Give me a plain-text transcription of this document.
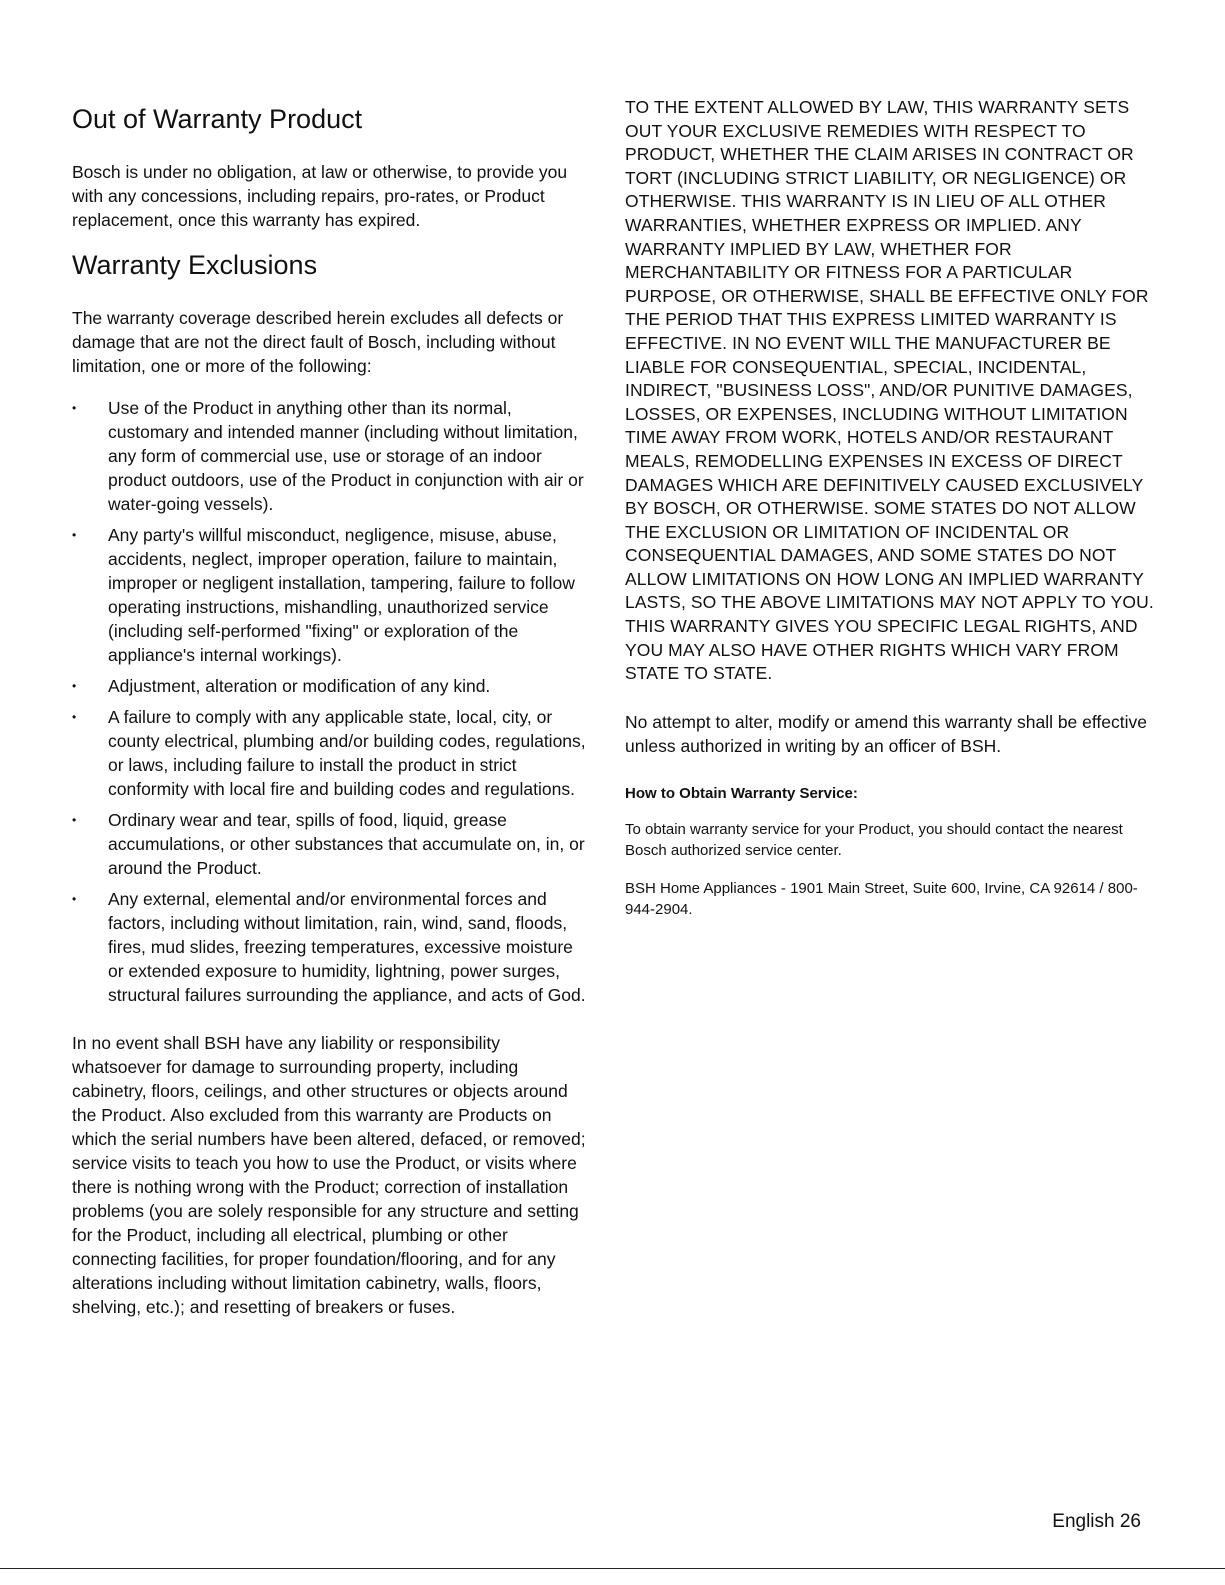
Out of Warranty Product

Bosch is under no obligation, at law or otherwise, to provide you with any concessions, including repairs, pro-rates, or Product replacement, once this warranty has expired.

Warranty Exclusions

The warranty coverage described herein excludes all defects or damage that are not the direct fault of Bosch, including without limitation, one or more of the following:

•	Use of the Product in anything other than its normal, customary and intended manner (including without limitation, any form of commercial use, use or storage of an indoor product outdoors, use of the Product in conjunction with air or water-going vessels).
•	Any party's willful misconduct, negligence, misuse, abuse, accidents, neglect, improper operation, failure to maintain, improper or negligent installation, tampering, failure to follow operating instructions, mishandling, unauthorized service (including self-performed "fixing" or exploration of the appliance's internal workings).
•	Adjustment, alteration or modification of any kind.
•	A failure to comply with any applicable state, local, city, or county electrical, plumbing and/or building codes, regulations, or laws, including failure to install the product in strict conformity with local fire and building codes and regulations.
•	Ordinary wear and tear, spills of food, liquid, grease accumulations, or other substances that accumulate on, in, or around the Product.
•	Any external, elemental and/or environmental forces and factors, including without limitation, rain, wind, sand, floods, fires, mud slides, freezing temperatures, excessive moisture or extended exposure to humidity, lightning, power surges, structural failures surrounding the appliance, and acts of God.

In no event shall BSH have any liability or responsibility whatsoever for damage to surrounding property, including cabinetry, floors, ceilings, and other structures or objects around the Product. Also excluded from this warranty are Products on which the serial numbers have been altered, defaced, or removed; service visits to teach you how to use the Product, or visits where there is nothing wrong with the Product; correction of installation problems (you are solely responsible for any structure and setting for the Product, including all electrical, plumbing or other connecting facilities, for proper foundation/flooring, and for any alterations including without limitation cabinetry, walls, floors, shelving, etc.); and resetting of breakers or fuses.

TO THE EXTENT ALLOWED BY LAW, THIS WARRANTY SETS OUT YOUR EXCLUSIVE REMEDIES WITH RESPECT TO PRODUCT, WHETHER THE CLAIM ARISES IN CONTRACT OR TORT (INCLUDING STRICT LIABILITY, OR NEGLIGENCE) OR OTHERWISE. THIS WARRANTY IS IN LIEU OF ALL OTHER WARRANTIES, WHETHER EXPRESS OR IMPLIED. ANY WARRANTY IMPLIED BY LAW, WHETHER FOR MERCHANTABILITY OR FITNESS FOR A PARTICULAR PURPOSE, OR OTHERWISE, SHALL BE EFFECTIVE ONLY FOR THE PERIOD THAT THIS EXPRESS LIMITED WARRANTY IS EFFECTIVE. IN NO EVENT WILL THE MANUFACTURER BE LIABLE FOR CONSEQUENTIAL, SPECIAL, INCIDENTAL, INDIRECT, "BUSINESS LOSS", AND/OR PUNITIVE DAMAGES, LOSSES, OR EXPENSES, INCLUDING WITHOUT LIMITATION TIME AWAY FROM WORK, HOTELS AND/OR RESTAURANT MEALS, REMODELLING EXPENSES IN EXCESS OF DIRECT DAMAGES WHICH ARE DEFINITIVELY CAUSED EXCLUSIVELY BY BOSCH, OR OTHERWISE. SOME STATES DO NOT ALLOW THE EXCLUSION OR LIMITATION OF INCIDENTAL OR CONSEQUENTIAL DAMAGES, AND SOME STATES DO NOT ALLOW LIMITATIONS ON HOW LONG AN IMPLIED WARRANTY LASTS, SO THE ABOVE LIMITATIONS MAY NOT APPLY TO YOU. THIS WARRANTY GIVES YOU SPECIFIC LEGAL RIGHTS, AND YOU MAY ALSO HAVE OTHER RIGHTS WHICH VARY FROM STATE TO STATE.

No attempt to alter, modify or amend this warranty shall be effective unless authorized in writing by an officer of BSH.

How to Obtain Warranty Service:

To obtain warranty service for your Product, you should contact the nearest Bosch authorized service center.

BSH Home Appliances - 1901 Main Street, Suite 600, Irvine, CA 92614 / 800-944-2904.

English 26
